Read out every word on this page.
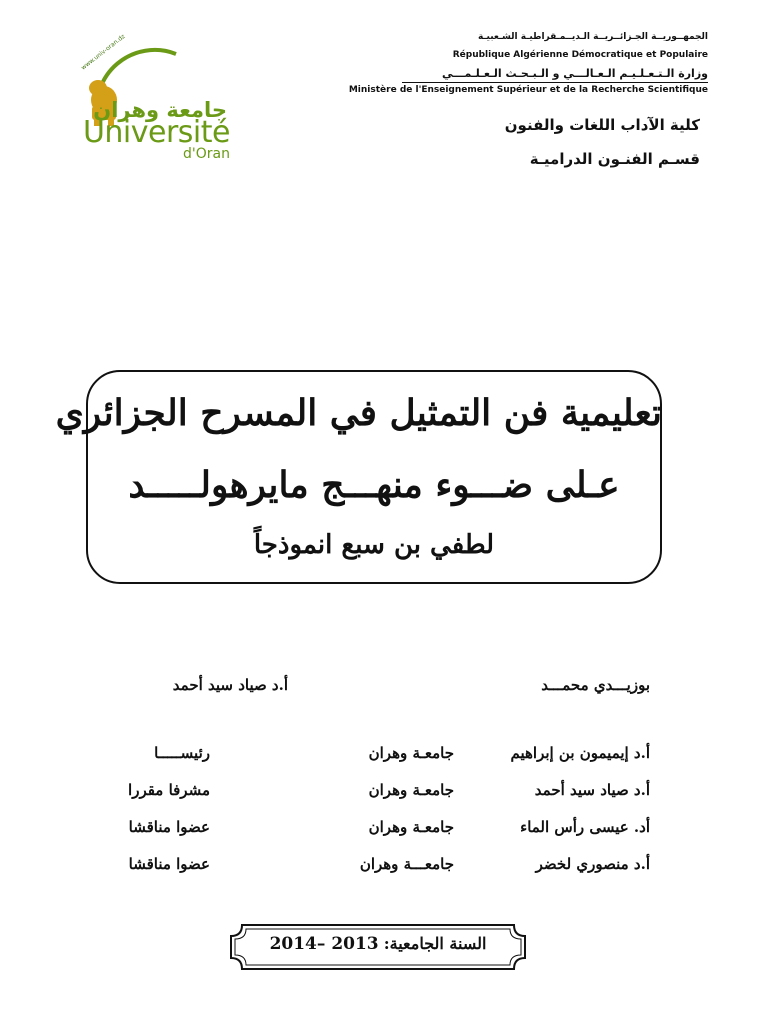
www.univ-oran.dz
جامعة وهران
Université
d'Oran
الجمهــوريــة الجـزائــريــة الـديــمـقراطيـة الشـعبيـة
République Algérienne Démocratique et Populaire
وزارة الـتـعـلـيـم الـعـالـــي و الـبـحـث الـعـلـمـــي
Ministère de l'Enseignement Supérieur et de la Recherche Scientifique
كلية الآداب اللغات والفنون
قسـم الفنـون الدراميـة
تعليمية فن التمثيل في المسرح الجزائري
عـلى ضـــوء منهـــج مايرهولـــــد
لطفي بن سبع انموذجاً
بوزيـــدي محمـــد
أ.د صياد سيد أحمد
أ.د إيميمون بن إبراهيم
جامعـة وهران
رئيســـــا
أ.د صياد سيد أحمد
جامعـة وهران
مشرفا مقررا
أد. عيسى رأس الماء
جامعـة وهران
عضوا مناقشا
أ.د منصوري لخضر
جامعـــة وهران
عضوا مناقشا
السنة الجامعية: 2013 –2014
